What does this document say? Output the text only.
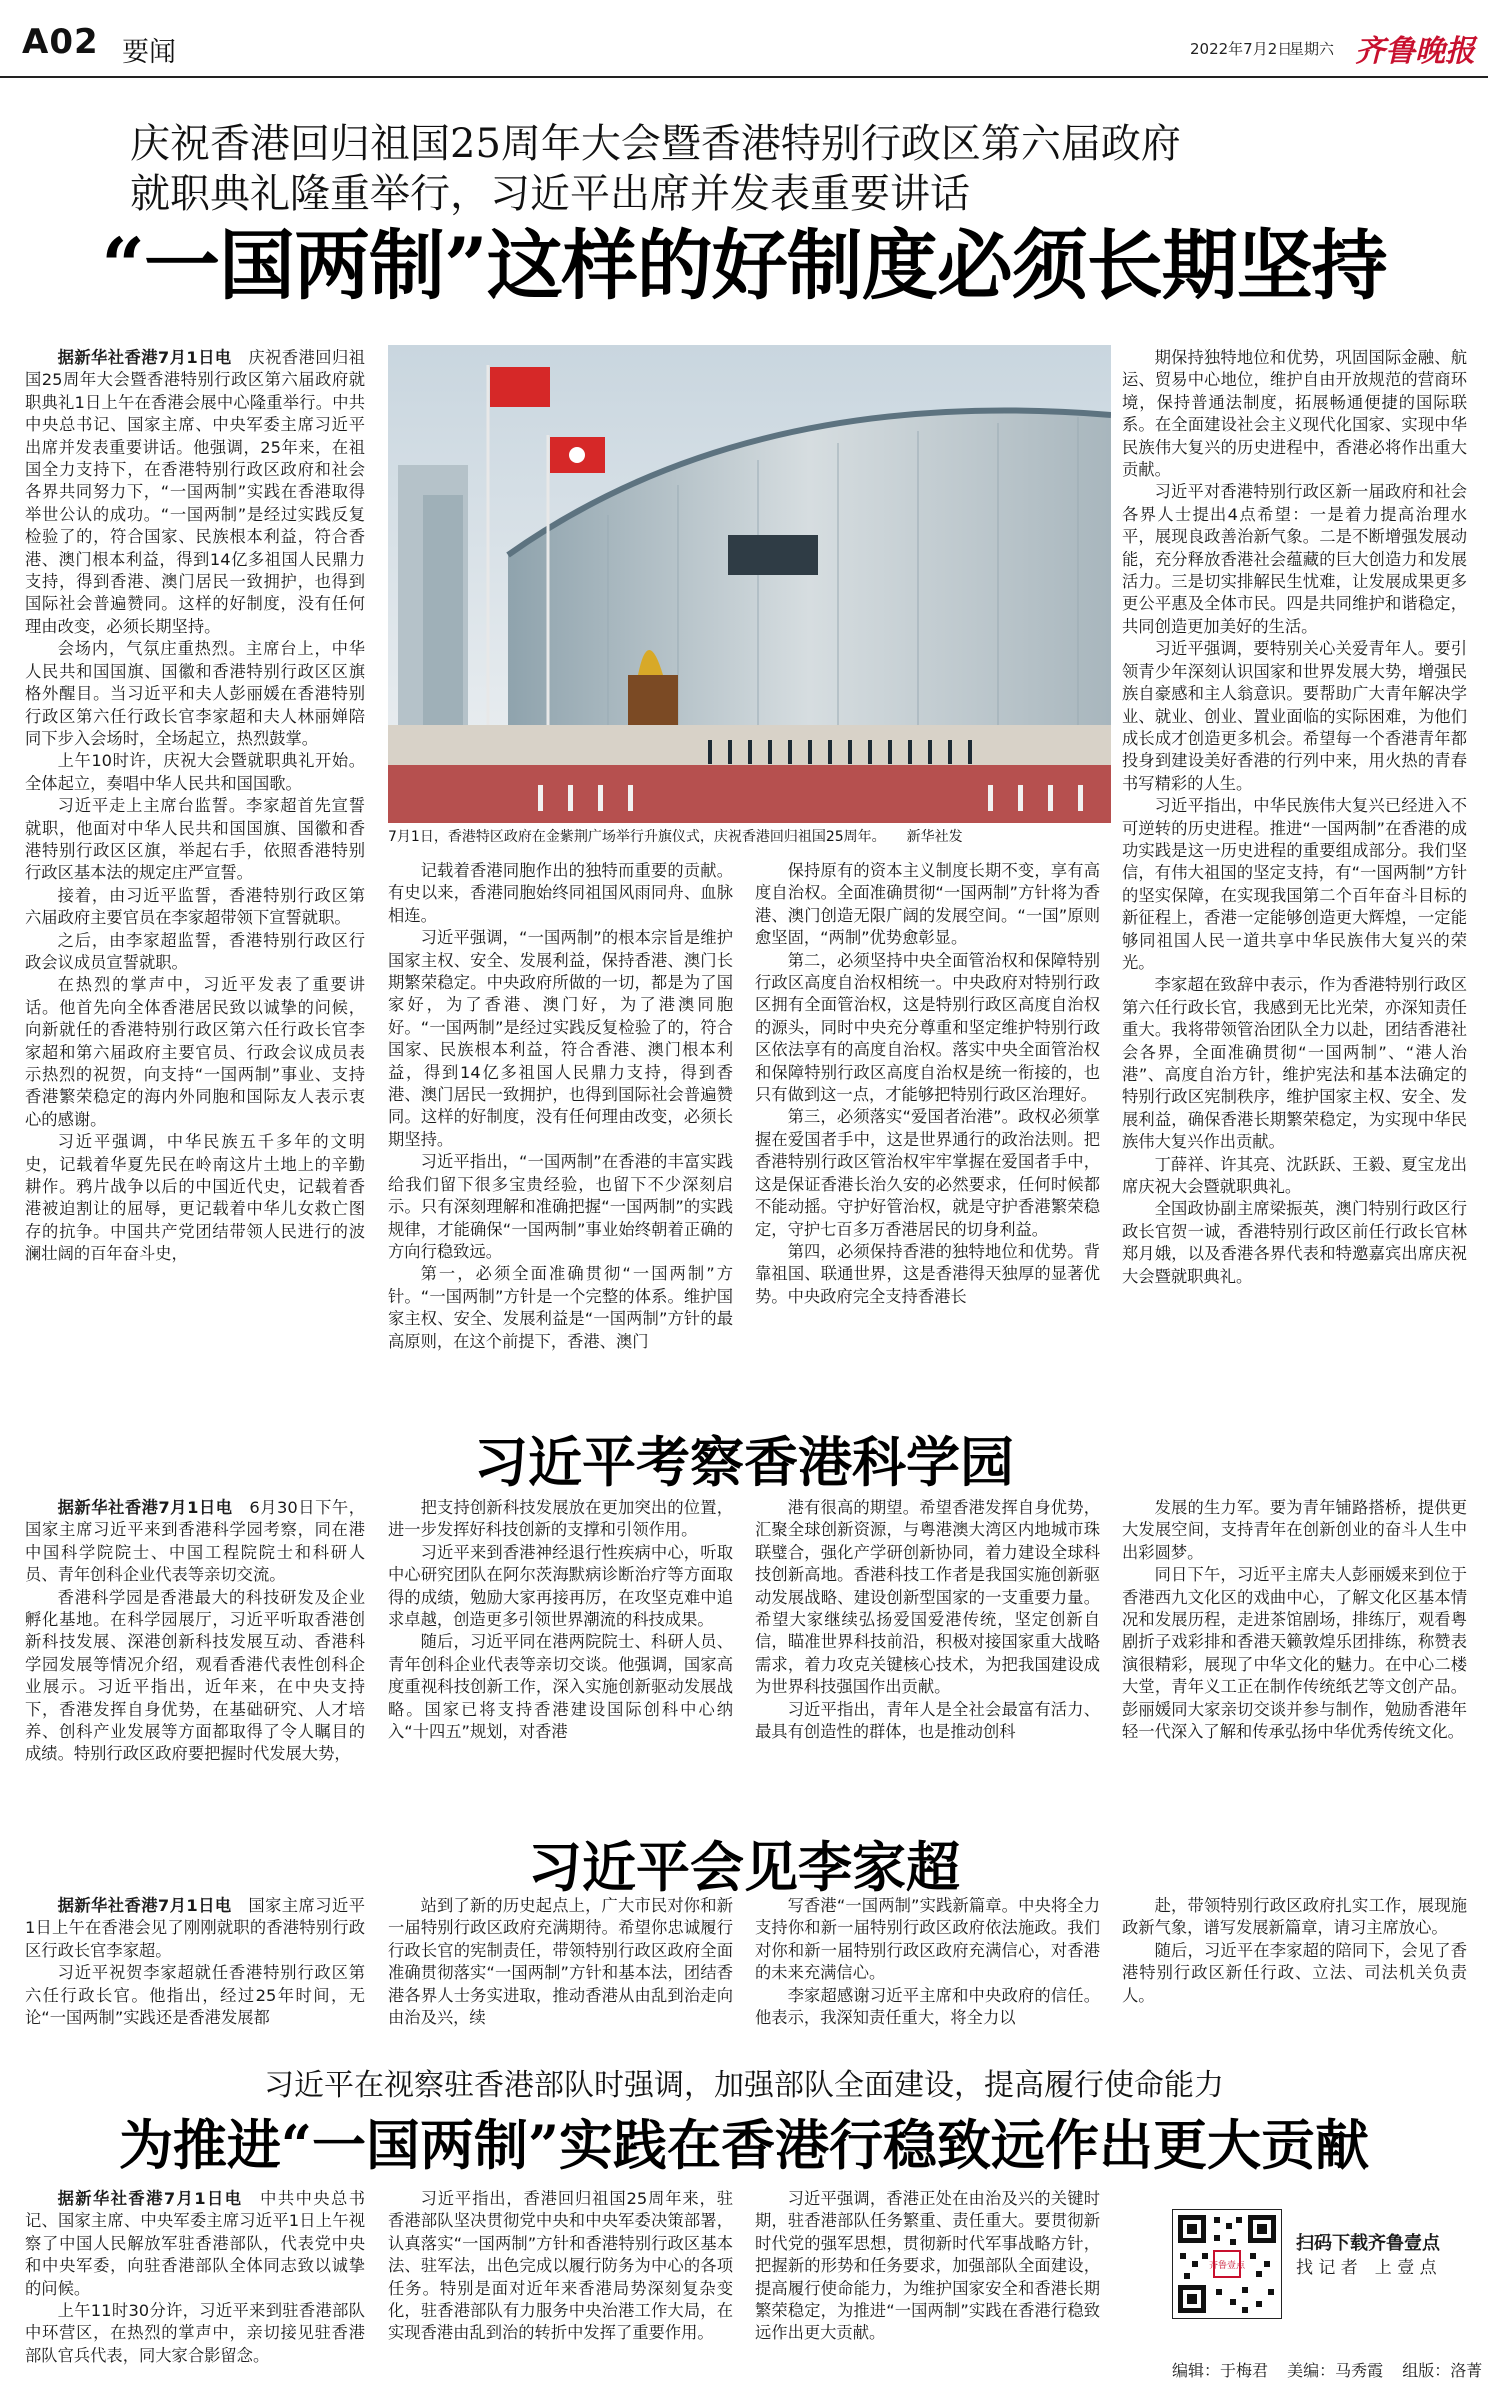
A02 要闻	2022年7月2日
星期六 齐鲁晚报
庆祝香港回归祖国25周年大会暨香港特别行政区第六届政府
就职典礼隆重举行，习近平出席并发表重要讲话
“一国两制”这样的好制度必须长期坚持

据新华社香港7月1日电　庆祝香港回归祖国25周年大会暨香港特别行政区第六届政府就职典礼1日上午在香港会展中心隆重举行。中共中央总书记、国家主席、中央军委主席习近平出席并发表重要讲话。他强调，25年来，在祖国全力支持下，在香港特别行政区政府和社会各界共同努力下，“一国两制”实践在香港取得举世公认的成功。“一国两制”是经过实践反复检验了的，符合国家、民族根本利益，符合香港、澳门根本利益，得到14亿多祖国人民鼎力支持，得到香港、澳门居民一致拥护，也得到国际社会普遍赞同。这样的好制度，没有任何理由改变，必须长期坚持。

会场内，气氛庄重热烈。主席台上，中华人民共和国国旗、国徽和香港特别行政区区旗格外醒目。当习近平和夫人彭丽媛在香港特别行政区第六任行政长官李家超和夫人林丽婵陪同下步入会场时，全场起立，热烈鼓掌。

上午10时许，庆祝大会暨就职典礼开始。全体起立，奏唱中华人民共和国国歌。

习近平走上主席台监誓。李家超首先宣誓就职，他面对中华人民共和国国旗、国徽和香港特别行政区区旗，举起右手，依照香港特别行政区基本法的规定庄严宣誓。

接着，由习近平监誓，香港特别行政区第六届政府主要官员在李家超带领下宣誓就职。

之后，由李家超监誓，香港特别行政区行政会议成员宣誓就职。

在热烈的掌声中，习近平发表了重要讲话。他首先向全体香港居民致以诚挚的问候，向新就任的香港特别行政区第六任行政长官李家超和第六届政府主要官员、行政会议成员表示热烈的祝贺，向支持“一国两制”事业、支持香港繁荣稳定的海内外同胞和国际友人表示衷心的感谢。

习近平强调，中华民族五千多年的文明史，记载着华夏先民在岭南这片土地上的辛勤耕作。鸦片战争以后的中国近代史，记载着香港被迫割让的屈辱，更记载着中华儿女救亡图存的抗争。中国共产党团结带领人民进行的波澜壮阔的百年奋斗史，

7月1日，香港特区政府在金紫荆广场举行升旗仪式，庆祝香港回归祖国25周年。　　新华社发

记载着香港同胞作出的独特而重要的贡献。有史以来，香港同胞始终同祖国风雨同舟、血脉相连。

习近平强调，“一国两制”的根本宗旨是维护国家主权、安全、发展利益，保持香港、澳门长期繁荣稳定。中央政府所做的一切，都是为了国家好，为了香港、澳门好，为了港澳同胞好。“一国两制”是经过实践反复检验了的，符合国家、民族根本利益，符合香港、澳门根本利益，得到14亿多祖国人民鼎力支持，得到香港、澳门居民一致拥护，也得到国际社会普遍赞同。这样的好制度，没有任何理由改变，必须长期坚持。

习近平指出，“一国两制”在香港的丰富实践给我们留下很多宝贵经验，也留下不少深刻启示。只有深刻理解和准确把握“一国两制”的实践规律，才能确保“一国两制”事业始终朝着正确的方向行稳致远。

第一，必须全面准确贯彻“一国两制”方针。“一国两制”方针是一个完整的体系。维护国家主权、安全、发展利益是“一国两制”方针的最高原则，在这个前提下，香港、澳门

保持原有的资本主义制度长期不变，享有高度自治权。全面准确贯彻“一国两制”方针将为香港、澳门创造无限广阔的发展空间。“一国”原则愈坚固，“两制”优势愈彰显。

第二，必须坚持中央全面管治权和保障特别行政区高度自治权相统一。中央政府对特别行政区拥有全面管治权，这是特别行政区高度自治权的源头，同时中央充分尊重和坚定维护特别行政区依法享有的高度自治权。落实中央全面管治权和保障特别行政区高度自治权是统一衔接的，也只有做到这一点，才能够把特别行政区治理好。

第三，必须落实“爱国者治港”。政权必须掌握在爱国者手中，这是世界通行的政治法则。把香港特别行政区管治权牢牢掌握在爱国者手中，这是保证香港长治久安的必然要求，任何时候都不能动摇。守护好管治权，就是守护香港繁荣稳定，守护七百多万香港居民的切身利益。

第四，必须保持香港的独特地位和优势。背靠祖国、联通世界，这是香港得天独厚的显著优势。中央政府完全支持香港长

期保持独特地位和优势，巩固国际金融、航运、贸易中心地位，维护自由开放规范的营商环境，保持普通法制度，拓展畅通便捷的国际联系。在全面建设社会主义现代化国家、实现中华民族伟大复兴的历史进程中，香港必将作出重大贡献。

习近平对香港特别行政区新一届政府和社会各界人士提出4点希望：一是着力提高治理水平，展现良政善治新气象。二是不断增强发展动能，充分释放香港社会蕴藏的巨大创造力和发展活力。三是切实排解民生忧难，让发展成果更多更公平惠及全体市民。四是共同维护和谐稳定，共同创造更加美好的生活。

习近平强调，要特别关心关爱青年人。要引领青少年深刻认识国家和世界发展大势，增强民族自豪感和主人翁意识。要帮助广大青年解决学业、就业、创业、置业面临的实际困难，为他们成长成才创造更多机会。希望每一个香港青年都投身到建设美好香港的行列中来，用火热的青春书写精彩的人生。

习近平指出，中华民族伟大复兴已经进入不可逆转的历史进程。推进“一国两制”在香港的成功实践是这一历史进程的重要组成部分。我们坚信，有伟大祖国的坚定支持，有“一国两制”方针的坚实保障，在实现我国第二个百年奋斗目标的新征程上，香港一定能够创造更大辉煌，一定能够同祖国人民一道共享中华民族伟大复兴的荣光。

李家超在致辞中表示，作为香港特别行政区第六任行政长官，我感到无比光荣，亦深知责任重大。我将带领管治团队全力以赴，团结香港社会各界，全面准确贯彻“一国两制”、“港人治港”、高度自治方针，维护宪法和基本法确定的特别行政区宪制秩序，维护国家主权、安全、发展利益，确保香港长期繁荣稳定，为实现中华民族伟大复兴作出贡献。

丁薛祥、许其亮、沈跃跃、王毅、夏宝龙出席庆祝大会暨就职典礼。

全国政协副主席梁振英，澳门特别行政区行政长官贺一诚，香港特别行政区前任行政长官林郑月娥，以及香港各界代表和特邀嘉宾出席庆祝大会暨就职典礼。

习近平考察香港科学园

据新华社香港7月1日电　6月30日下午，国家主席习近平来到香港科学园考察，同在港中国科学院院士、中国工程院院士和科研人员、青年创科企业代表等亲切交流。

香港科学园是香港最大的科技研发及企业孵化基地。在科学园展厅，习近平听取香港创新科技发展、深港创新科技发展互动、香港科学园发展等情况介绍，观看香港代表性创科企业展示。习近平指出，近年来，在中央支持下，香港发挥自身优势，在基础研究、人才培养、创科产业发展等方面都取得了令人瞩目的成绩。特别行政区政府要把握时代发展大势，

把支持创新科技发展放在更加突出的位置，进一步发挥好科技创新的支撑和引领作用。

习近平来到香港神经退行性疾病中心，听取中心研究团队在阿尔茨海默病诊断治疗等方面取得的成绩，勉励大家再接再厉，在攻坚克难中追求卓越，创造更多引领世界潮流的科技成果。

随后，习近平同在港两院院士、科研人员、青年创科企业代表等亲切交谈。他强调，国家高度重视科技创新工作，深入实施创新驱动发展战略。国家已将支持香港建设国际创科中心纳入“十四五”规划，对香港

港有很高的期望。希望香港发挥自身优势，汇聚全球创新资源，与粤港澳大湾区内地城市珠联璧合，强化产学研创新协同，着力建设全球科技创新高地。香港科技工作者是我国实施创新驱动发展战略、建设创新型国家的一支重要力量。希望大家继续弘扬爱国爱港传统，坚定创新自信，瞄准世界科技前沿，积极对接国家重大战略需求，着力攻克关键核心技术，为把我国建设成为世界科技强国作出贡献。

习近平指出，青年人是全社会最富有活力、最具有创造性的群体，也是推动创科

发展的生力军。要为青年铺路搭桥，提供更大发展空间，支持青年在创新创业的奋斗人生中出彩圆梦。

同日下午，习近平主席夫人彭丽媛来到位于香港西九文化区的戏曲中心，了解文化区基本情况和发展历程，走进茶馆剧场，排练厅，观看粤剧折子戏彩排和香港天籁敦煌乐团排练，称赞表演很精彩，展现了中华文化的魅力。在中心二楼大堂，青年义工正在制作传统纸艺等文创产品。彭丽媛同大家亲切交谈并参与制作，勉励香港年轻一代深入了解和传承弘扬中华优秀传统文化。

习近平会见李家超

据新华社香港7月1日电　国家主席习近平1日上午在香港会见了刚刚就职的香港特别行政区行政长官李家超。

习近平祝贺李家超就任香港特别行政区第六任行政长官。他指出，经过25年时间，无论“一国两制”实践还是香港发展都

站到了新的历史起点上，广大市民对你和新一届特别行政区政府充满期待。希望你忠诚履行行政长官的宪制责任，带领特别行政区政府全面准确贯彻落实“一国两制”方针和基本法，团结香港各界人士务实进取，推动香港从由乱到治走向由治及兴，续

写香港“一国两制”实践新篇章。中央将全力支持你和新一届特别行政区政府依法施政。我们对你和新一届特别行政区政府充满信心，对香港的未来充满信心。

李家超感谢习近平主席和中央政府的信任。他表示，我深知责任重大，将全力以

赴，带领特别行政区政府扎实工作，展现施政新气象，谱写发展新篇章，请习主席放心。

随后，习近平在李家超的陪同下，会见了香港特别行政区新任行政、立法、司法机关负责人。

习近平在视察驻香港部队时强调，加强部队全面建设，提高履行使命能力
为推进“一国两制”实践在香港行稳致远作出更大贡献

据新华社香港7月1日电　中共中央总书记、国家主席、中央军委主席习近平1日上午视察了中国人民解放军驻香港部队，代表党中央和中央军委，向驻香港部队全体同志致以诚挚的问候。

上午11时30分许，习近平来到驻香港部队中环营区，在热烈的掌声中，亲切接见驻香港部队官兵代表，同大家合影留念。

习近平指出，香港回归祖国25周年来，驻香港部队坚决贯彻党中央和中央军委决策部署，认真落实“一国两制”方针和香港特别行政区基本法、驻军法，出色完成以履行防务为中心的各项任务。特别是面对近年来香港局势深刻复杂变化，驻香港部队有力服务中央治港工作大局，在实现香港由乱到治的转折中发挥了重要作用。

习近平强调，香港正处在由治及兴的关键时期，驻香港部队任务繁重、责任重大。要贯彻新时代党的强军思想，贯彻新时代军事战略方针，把握新的形势和任务要求，加强部队全面建设，提高履行使命能力，为维护国家安全和香港长期繁荣稳定，为推进“一国两制”实践在香港行稳致远作出更大贡献。

齐鲁壹点
扫码下载齐鲁壹点
找 记 者　上 壹 点
编辑：于梅君 美编：马秀霞 组版：洛菁
